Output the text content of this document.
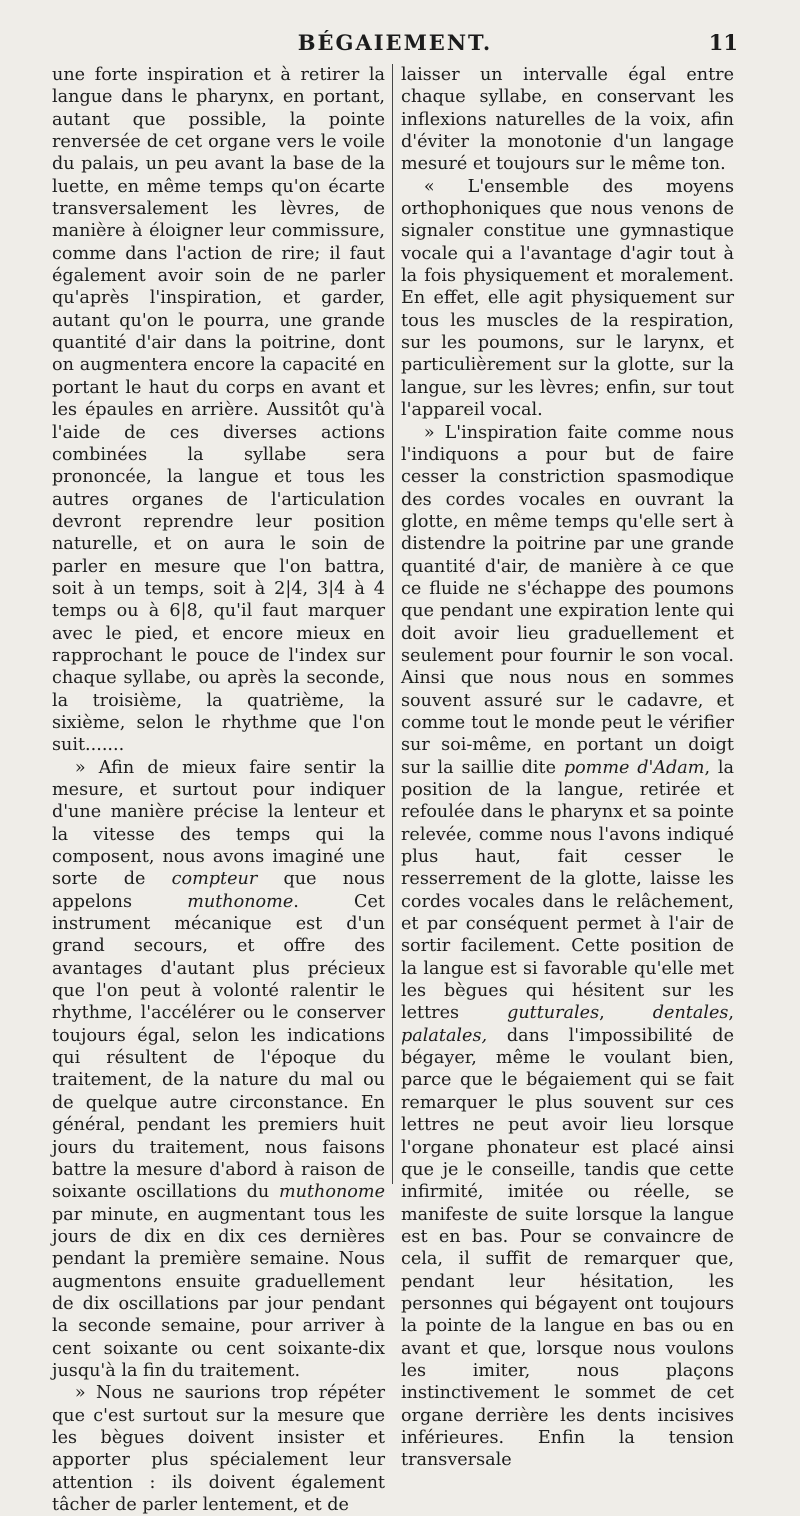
BÉGAIEMENT.	11

une forte inspiration et à retirer la langue dans le pharynx, en portant, autant que possible, la pointe renversée de cet organe vers le voile du palais, un peu avant la base de la luette, en même temps qu'on écarte transversalement les lèvres, de manière à éloigner leur commissure, comme dans l'action de rire; il faut également avoir soin de ne parler qu'après l'inspiration, et garder, autant qu'on le pourra, une grande quantité d'air dans la poitrine, dont on augmentera encore la capacité en portant le haut du corps en avant et les épaules en arrière. Aussitôt qu'à l'aide de ces diverses actions combinées la syllabe sera prononcée, la langue et tous les autres organes de l'articulation devront reprendre leur position naturelle, et on aura le soin de parler en mesure que l'on battra, soit à un temps, soit à 2|4, 3|4 à 4 temps ou à 6|8, qu'il faut marquer avec le pied, et encore mieux en rapprochant le pouce de l'index sur chaque syllabe, ou après la seconde, la troisième, la quatrième, la sixième, selon le rhythme que l'on suit.......

» Afin de mieux faire sentir la mesure, et surtout pour indiquer d'une manière précise la lenteur et la vitesse des temps qui la composent, nous avons imaginé une sorte de compteur que nous appelons muthonome. Cet instrument mécanique est d'un grand secours, et offre des avantages d'autant plus précieux que l'on peut à volonté ralentir le rhythme, l'accélérer ou le conserver toujours égal, selon les indications qui résultent de l'époque du traitement, de la nature du mal ou de quelque autre circonstance. En général, pendant les premiers huit jours du traitement, nous faisons battre la mesure d'abord à raison de soixante oscillations du muthonome par minute, en augmentant tous les jours de dix en dix ces dernières pendant la première semaine. Nous augmentons ensuite graduellement de dix oscillations par jour pendant la seconde semaine, pour arriver à cent soixante ou cent soixante-dix jusqu'à la fin du traitement.

» Nous ne saurions trop répéter que c'est surtout sur la mesure que les bègues doivent insister et apporter plus spécialement leur attention : ils doivent également tâcher de parler lentement, et de

laisser un intervalle égal entre chaque syllabe, en conservant les inflexions naturelles de la voix, afin d'éviter la monotonie d'un langage mesuré et toujours sur le même ton.

« L'ensemble des moyens orthophoniques que nous venons de signaler constitue une gymnastique vocale qui a l'avantage d'agir tout à la fois physiquement et moralement. En effet, elle agit physiquement sur tous les muscles de la respiration, sur les poumons, sur le larynx, et particulièrement sur la glotte, sur la langue, sur les lèvres; enfin, sur tout l'appareil vocal.

» L'inspiration faite comme nous l'indiquons a pour but de faire cesser la constriction spasmodique des cordes vocales en ouvrant la glotte, en même temps qu'elle sert à distendre la poitrine par une grande quantité d'air, de manière à ce que ce fluide ne s'échappe des poumons que pendant une expiration lente qui doit avoir lieu graduellement et seulement pour fournir le son vocal. Ainsi que nous nous en sommes souvent assuré sur le cadavre, et comme tout le monde peut le vérifier sur soi-même, en portant un doigt sur la saillie dite pomme d'Adam, la position de la langue, retirée et refoulée dans le pharynx et sa pointe relevée, comme nous l'avons indiqué plus haut, fait cesser le resserrement de la glotte, laisse les cordes vocales dans le relâchement, et par conséquent permet à l'air de sortir facilement. Cette position de la langue est si favorable qu'elle met les bègues qui hésitent sur les lettres gutturales, dentales, palatales, dans l'impossibilité de bégayer, même le voulant bien, parce que le bégaiement qui se fait remarquer le plus souvent sur ces lettres ne peut avoir lieu lorsque l'organe phonateur est placé ainsi que je le conseille, tandis que cette infirmité, imitée ou réelle, se manifeste de suite lorsque la langue est en bas. Pour se convaincre de cela, il suffit de remarquer que, pendant leur hésitation, les personnes qui bégayent ont toujours la pointe de la langue en bas ou en avant et que, lorsque nous voulons les imiter, nous plaçons instinctivement le sommet de cet organe derrière les dents incisives inférieures. Enfin la tension transversale
